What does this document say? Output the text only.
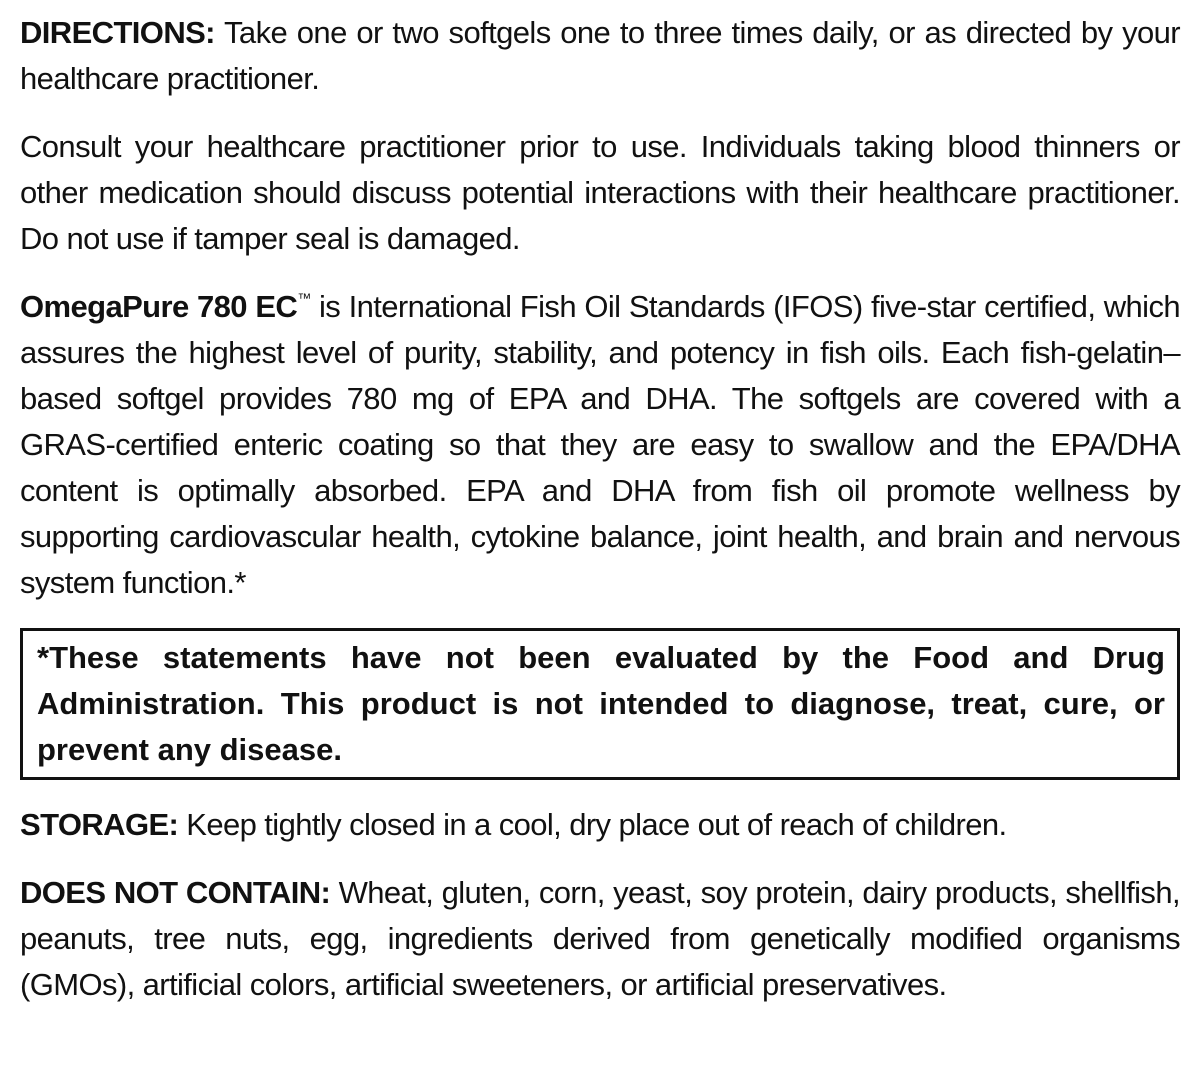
DIRECTIONS: Take one or two softgels one to three times daily, or as directed by your healthcare practitioner.

Consult your healthcare practitioner prior to use. Individuals taking blood thinners or other medication should discuss potential interactions with their healthcare practitioner. Do not use if tamper seal is damaged.

OmegaPure 780 EC™ is International Fish Oil Standards (IFOS) five-star certified, which assures the highest level of purity, stability, and potency in fish oils. Each fish-gelatin–based softgel provides 780 mg of EPA and DHA. The softgels are covered with a GRAS-certified enteric coating so that they are easy to swallow and the EPA/DHA content is optimally absorbed. EPA and DHA from fish oil promote wellness by supporting cardiovascular health, cytokine balance, joint health, and brain and nervous system function.*

*These statements have not been evaluated by the Food and Drug Administration. This product is not intended to diagnose, treat, cure, or prevent any disease.

STORAGE: Keep tightly closed in a cool, dry place out of reach of children.

DOES NOT CONTAIN: Wheat, gluten, corn, yeast, soy protein, dairy products, shellfish, peanuts, tree nuts, egg, ingredients derived from genetically modified organisms (GMOs), artificial colors, artificial sweeteners, or artificial preservatives.
